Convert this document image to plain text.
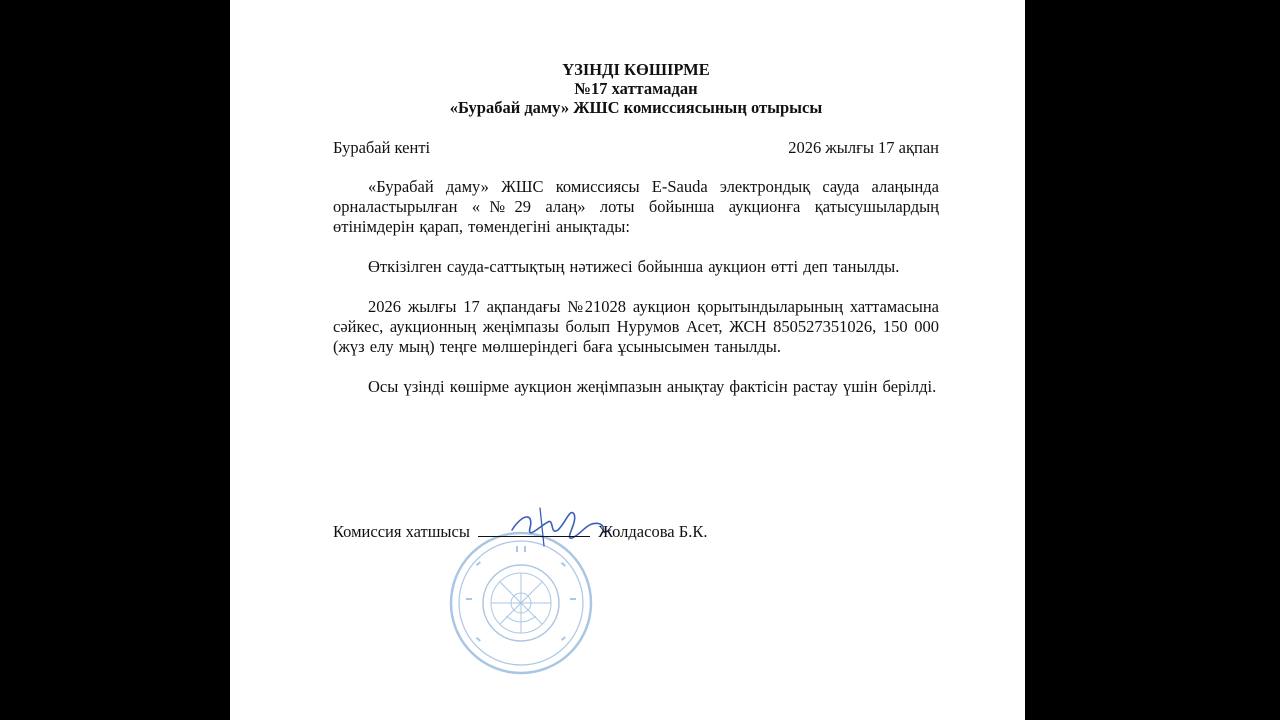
ҮЗІНДІ КӨШІРМЕ
№17 хаттамадан
«Бурабай даму» ЖШС комиссиясының отырысы
Бурабай кенті	2026 жылғы 17 ақпан

«Бурабай даму» ЖШС комиссиясы E-Sauda электрондық сауда алаңында орналастырылған «№29 алаң» лоты бойынша аукционға қатысушылардың өтінімдерін қарап, төмендегіні анықтады:

Өткізілген сауда-саттықтың нәтижесі бойынша аукцион өтті деп танылды.

2026 жылғы 17 ақпандағы №21028 аукцион қорытындыларының хаттамасына сәйкес, аукционның жеңімпазы болып Нурумов Асет, ЖСН 850527351026, 150 000 (жүз елу мың) теңге мөлшеріндегі баға ұсынысымен танылды.

Осы үзінді көшірме аукцион жеңімпазын анықтау фактісін растау үшін берілді.

Комиссия хатшысы	Жолдасова Б.К.
